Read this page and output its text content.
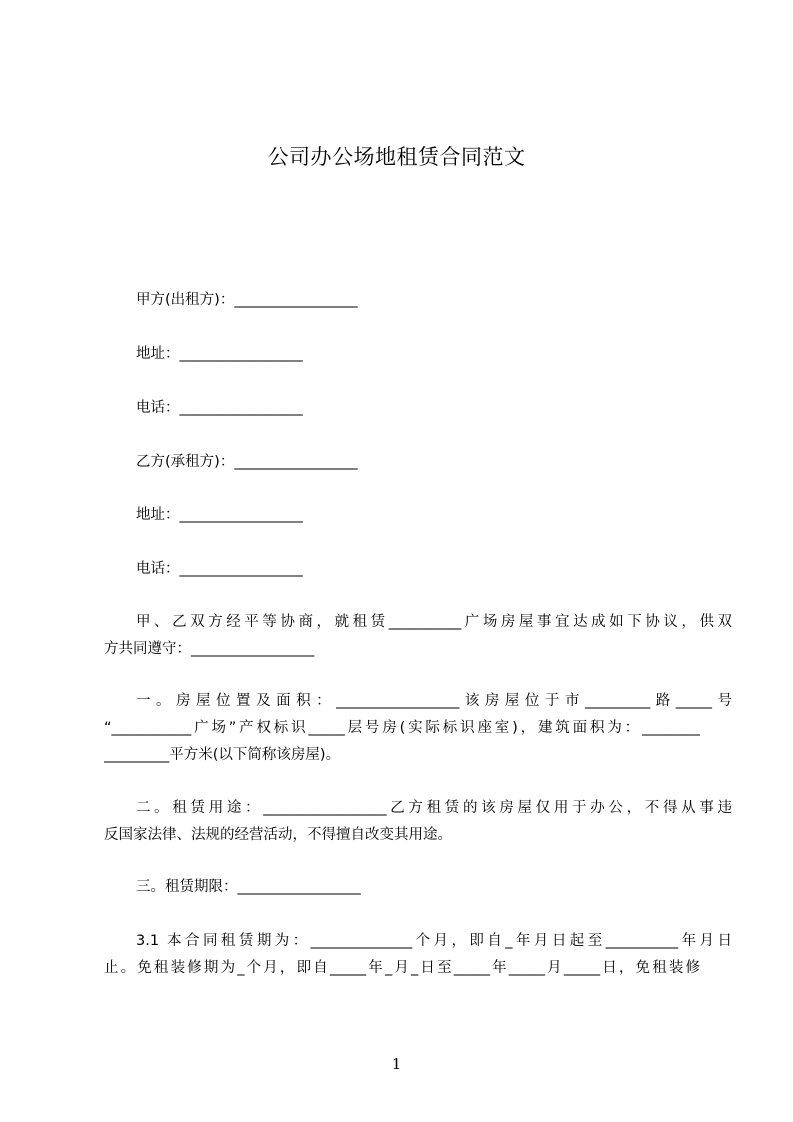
公司办公场地租赁合同范文
甲方(出租方)：_________________
地址：_________________
电话：_________________
乙方(承租方)：_________________
地址：_________________
电话：_________________
甲、乙双方经平等协商，就租赁__________广场房屋事宜达成如下协议，供双
方共同遵守：_________________
一。房屋位置及面积：_________________该房屋位于市_________路_____号
“___________广场”产权标识_____层号房(实际标识座室)，建筑面积为：________
_________平方米(以下简称该房屋)。
二。租赁用途：_________________乙方租赁的该房屋仅用于办公，不得从事违
反国家法律、法规的经营活动，不得擅自改变其用途。
三。租赁期限：_________________
3.1 本合同租赁期为：______________个月，即自_年月日起至__________年月日
止。免租装修期为_个月，即自_____年_月_日至_____年_____月_____日，免租装修
1
